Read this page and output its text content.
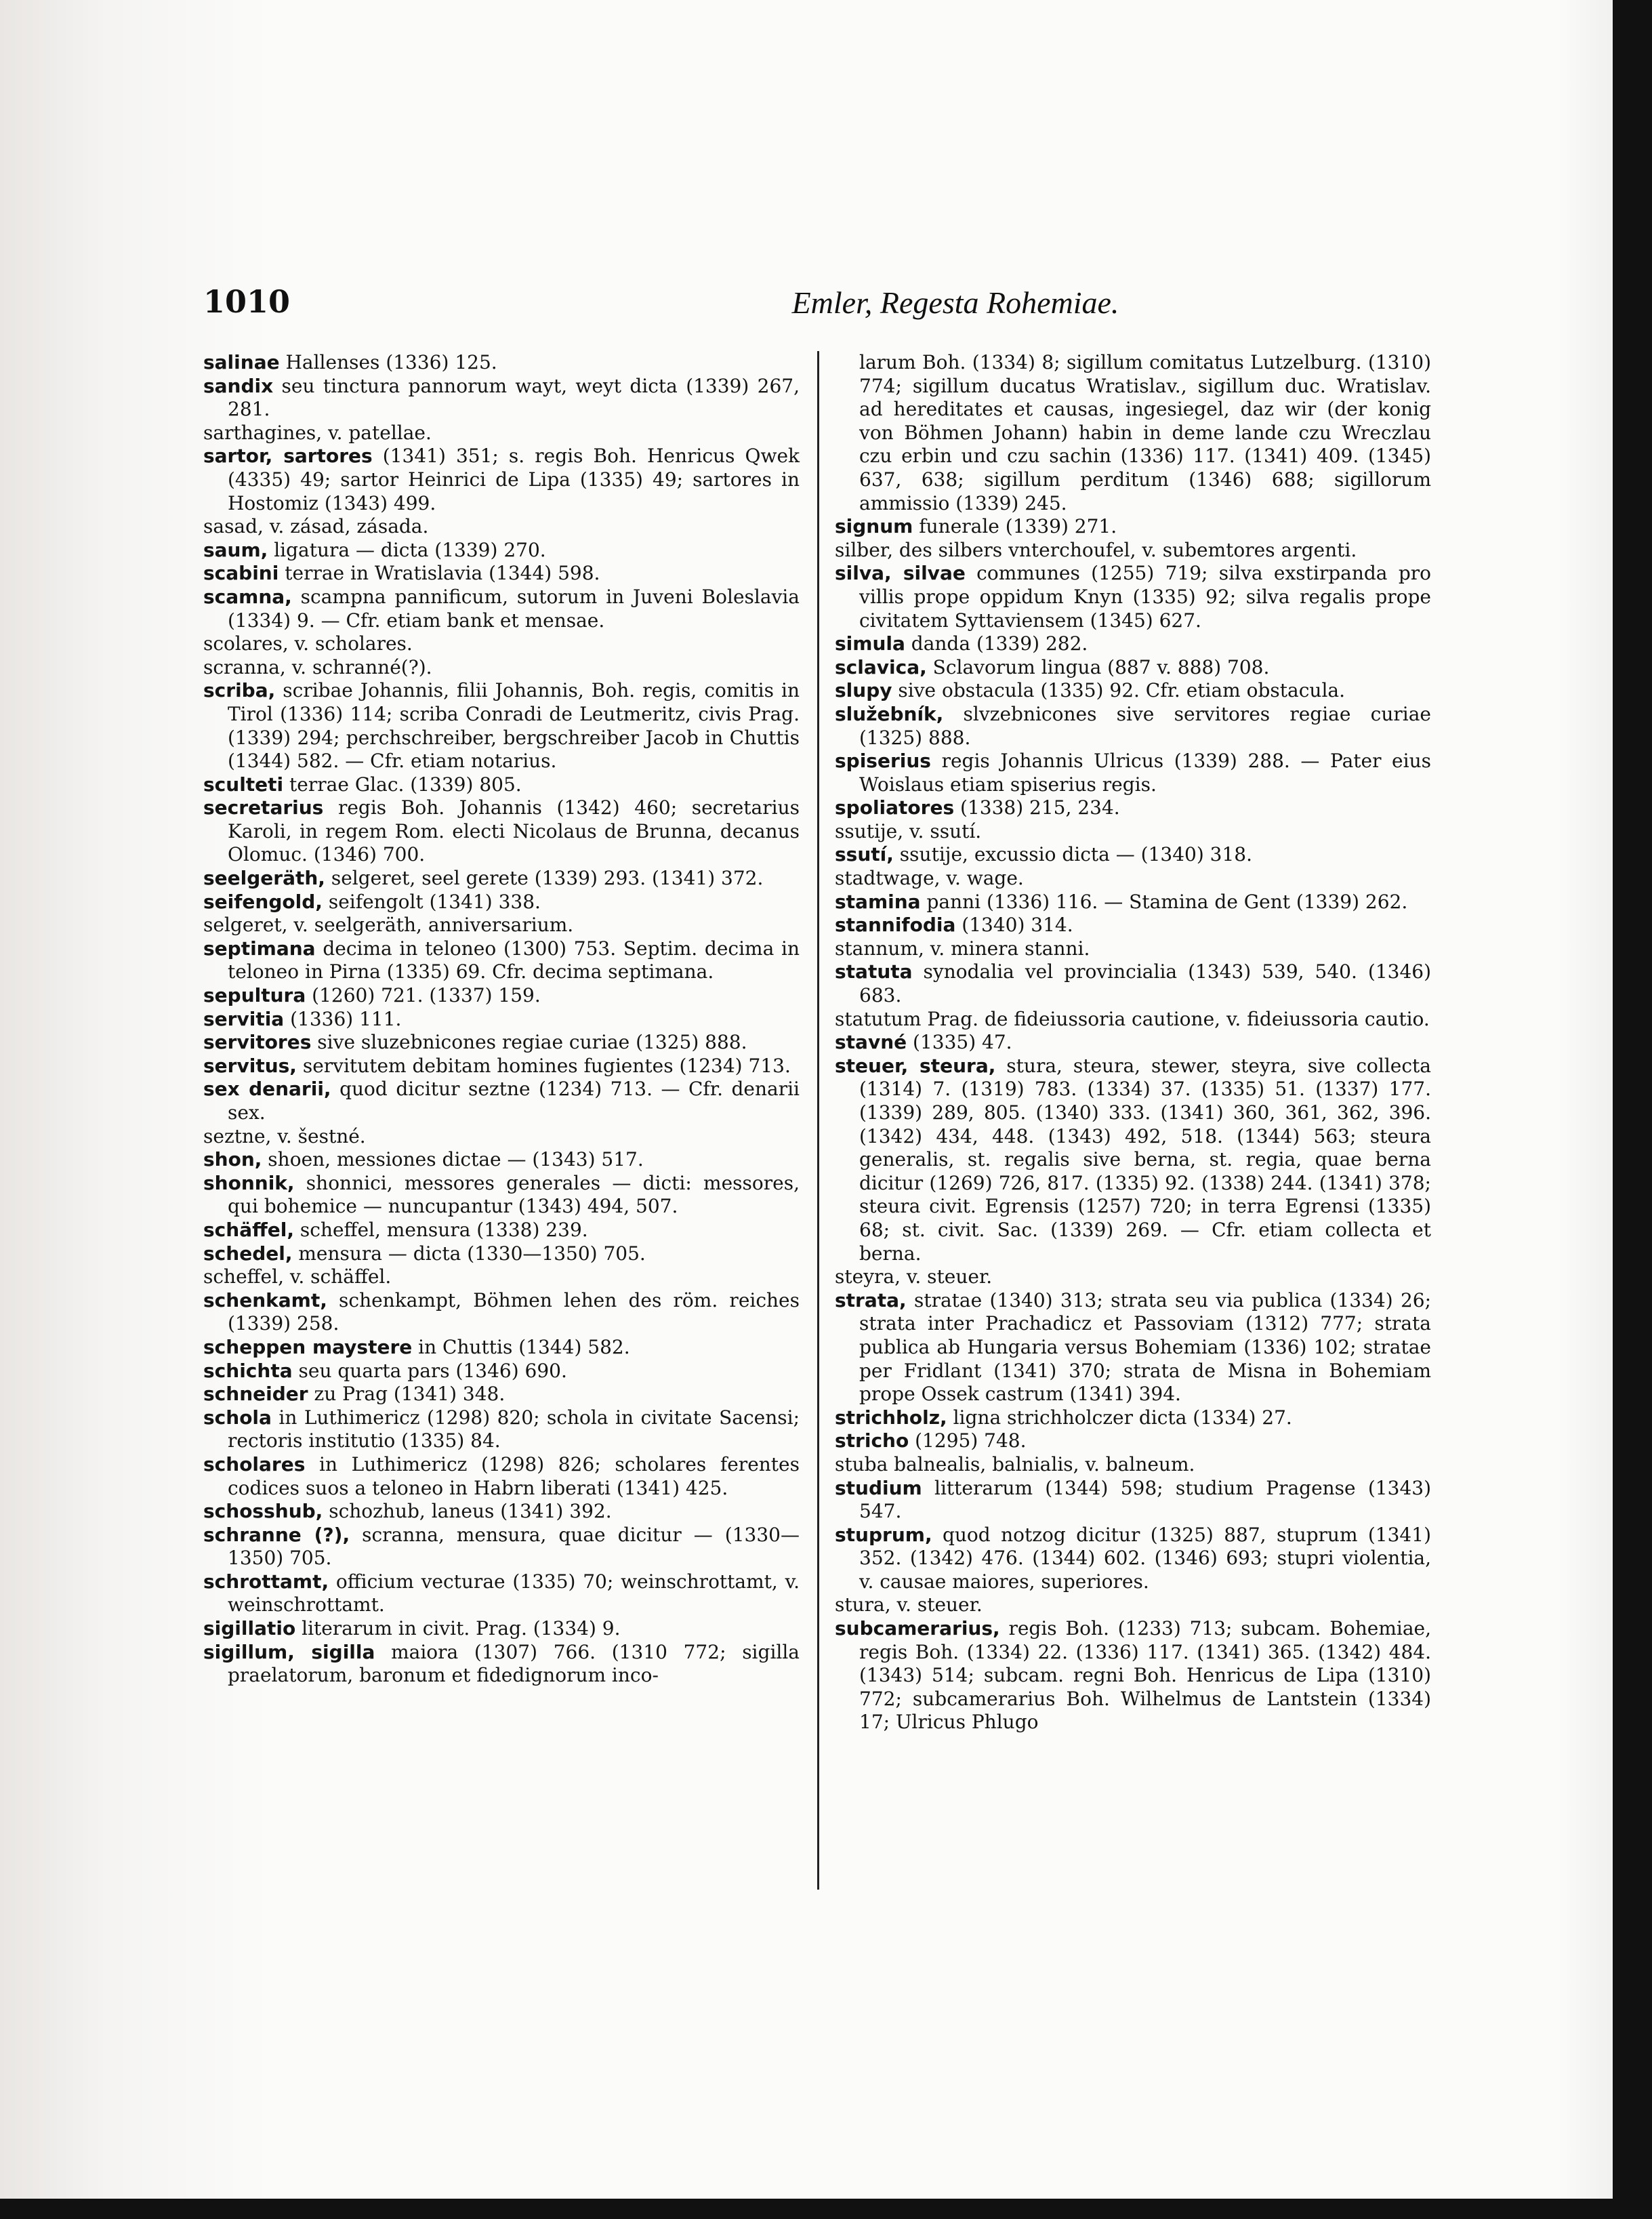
1010	Emler, Regesta Rohemiae.

salinae Hallenses (1336) 125.

sandix seu tinctura pannorum wayt, weyt dicta (1339) 267, 281.

sarthagines, v. patellae.

sartor, sartores (1341) 351; s. regis Boh. Henricus Qwek (4335) 49; sartor Heinrici de Lipa (1335) 49; sartores in Hostomiz (1343) 499.

sasad, v. zásad, zásada.

saum, ligatura — dicta (1339) 270.

scabini terrae in Wratislavia (1344) 598.

scamna, scampna pannificum, sutorum in Juveni Boleslavia (1334) 9. — Cfr. etiam bank et mensae.

scolares, v. scholares.

scranna, v. schranné(?).

scriba, scribae Johannis, filii Johannis, Boh. regis, comitis in Tirol (1336) 114; scriba Conradi de Leutmeritz, civis Prag. (1339) 294; perchschreiber, bergschreiber Jacob in Chuttis (1344) 582. — Cfr. etiam notarius.

sculteti terrae Glac. (1339) 805.

secretarius regis Boh. Johannis (1342) 460; secretarius Karoli, in regem Rom. electi Nicolaus de Brunna, decanus Olomuc. (1346) 700.

seelgeräth, selgeret, seel gerete (1339) 293. (1341) 372.

seifengold, seifengolt (1341) 338.

selgeret, v. seelgeräth, anniversarium.

septimana decima in teloneo (1300) 753. Septim. decima in teloneo in Pirna (1335) 69. Cfr. decima septimana.

sepultura (1260) 721. (1337) 159.

servitia (1336) 111.

servitores sive sluzebnicones regiae curiae (1325) 888.

servitus, servitutem debitam homines fugientes (1234) 713.

sex denarii, quod dicitur seztne (1234) 713. — Cfr. denarii sex.

seztne, v. šestné.

shon, shoen, messiones dictae — (1343) 517.

shonnik, shonnici, messores generales — dicti: messores, qui bohemice — nuncupantur (1343) 494, 507.

schäffel, scheffel, mensura (1338) 239.

schedel, mensura — dicta (1330—1350) 705.

scheffel, v. schäffel.

schenkamt, schenkampt, Böhmen lehen des röm. reiches (1339) 258.

scheppen maystere in Chuttis (1344) 582.

schichta seu quarta pars (1346) 690.

schneider zu Prag (1341) 348.

schola in Luthimericz (1298) 820; schola in civitate Sacensi; rectoris institutio (1335) 84.

scholares in Luthimericz (1298) 826; scholares ferentes codices suos a teloneo in Habrn liberati (1341) 425.

schosshub, schozhub, laneus (1341) 392.

schranne (?), scranna, mensura, quae dicitur — (1330—1350) 705.

schrottamt, officium vecturae (1335) 70; weinschrottamt, v. weinschrottamt.

sigillatio literarum in civit. Prag. (1334) 9.

sigillum, sigilla maiora (1307) 766. (1310 772; sigilla praelatorum, baronum et fidedignorum inco-

larum Boh. (1334) 8; sigillum comitatus Lutzelburg. (1310) 774; sigillum ducatus Wratislav., sigillum duc. Wratislav. ad hereditates et causas, ingesiegel, daz wir (der konig von Böhmen Johann) habin in deme lande czu Wreczlau czu erbin und czu sachin (1336) 117. (1341) 409. (1345) 637, 638; sigillum perditum (1346) 688; sigillorum ammissio (1339) 245.

signum funerale (1339) 271.

silber, des silbers vnterchoufel, v. subemtores argenti.

silva, silvae communes (1255) 719; silva exstirpanda pro villis prope oppidum Knyn (1335) 92; silva regalis prope civitatem Syttaviensem (1345) 627.

simula danda (1339) 282.

sclavica, Sclavorum lingua (887 v. 888) 708.

slupy sive obstacula (1335) 92. Cfr. etiam obstacula.

služebník, slvzebnicones sive servitores regiae curiae (1325) 888.

spiserius regis Johannis Ulricus (1339) 288. — Pater eius Woislaus etiam spiserius regis.

spoliatores (1338) 215, 234.

ssutije, v. ssutí.

ssutí, ssutije, excussio dicta — (1340) 318.

stadtwage, v. wage.

stamina panni (1336) 116. — Stamina de Gent (1339) 262.

stannifodia (1340) 314.

stannum, v. minera stanni.

statuta synodalia vel provincialia (1343) 539, 540. (1346) 683.

statutum Prag. de fideiussoria cautione, v. fideiussoria cautio.

stavné (1335) 47.

steuer, steura, stura, steura, stewer, steyra, sive collecta (1314) 7. (1319) 783. (1334) 37. (1335) 51. (1337) 177. (1339) 289, 805. (1340) 333. (1341) 360, 361, 362, 396. (1342) 434, 448. (1343) 492, 518. (1344) 563; steura generalis, st. regalis sive berna, st. regia, quae berna dicitur (1269) 726, 817. (1335) 92. (1338) 244. (1341) 378; steura civit. Egrensis (1257) 720; in terra Egrensi (1335) 68; st. civit. Sac. (1339) 269. — Cfr. etiam collecta et berna.

steyra, v. steuer.

strata, stratae (1340) 313; strata seu via publica (1334) 26; strata inter Prachadicz et Passoviam (1312) 777; strata publica ab Hungaria versus Bohemiam (1336) 102; stratae per Fridlant (1341) 370; strata de Misna in Bohemiam prope Ossek castrum (1341) 394.

strichholz, ligna strichholczer dicta (1334) 27.

stricho (1295) 748.

stuba balnealis, balnialis, v. balneum.

studium litterarum (1344) 598; studium Pragense (1343) 547.

stuprum, quod notzog dicitur (1325) 887, stuprum (1341) 352. (1342) 476. (1344) 602. (1346) 693; stupri violentia, v. causae maiores, superiores.

stura, v. steuer.

subcamerarius, regis Boh. (1233) 713; subcam. Bohemiae, regis Boh. (1334) 22. (1336) 117. (1341) 365. (1342) 484. (1343) 514; subcam. regni Boh. Henricus de Lipa (1310) 772; subcamerarius Boh. Wilhelmus de Lantstein (1334) 17; Ulricus Phlugo
